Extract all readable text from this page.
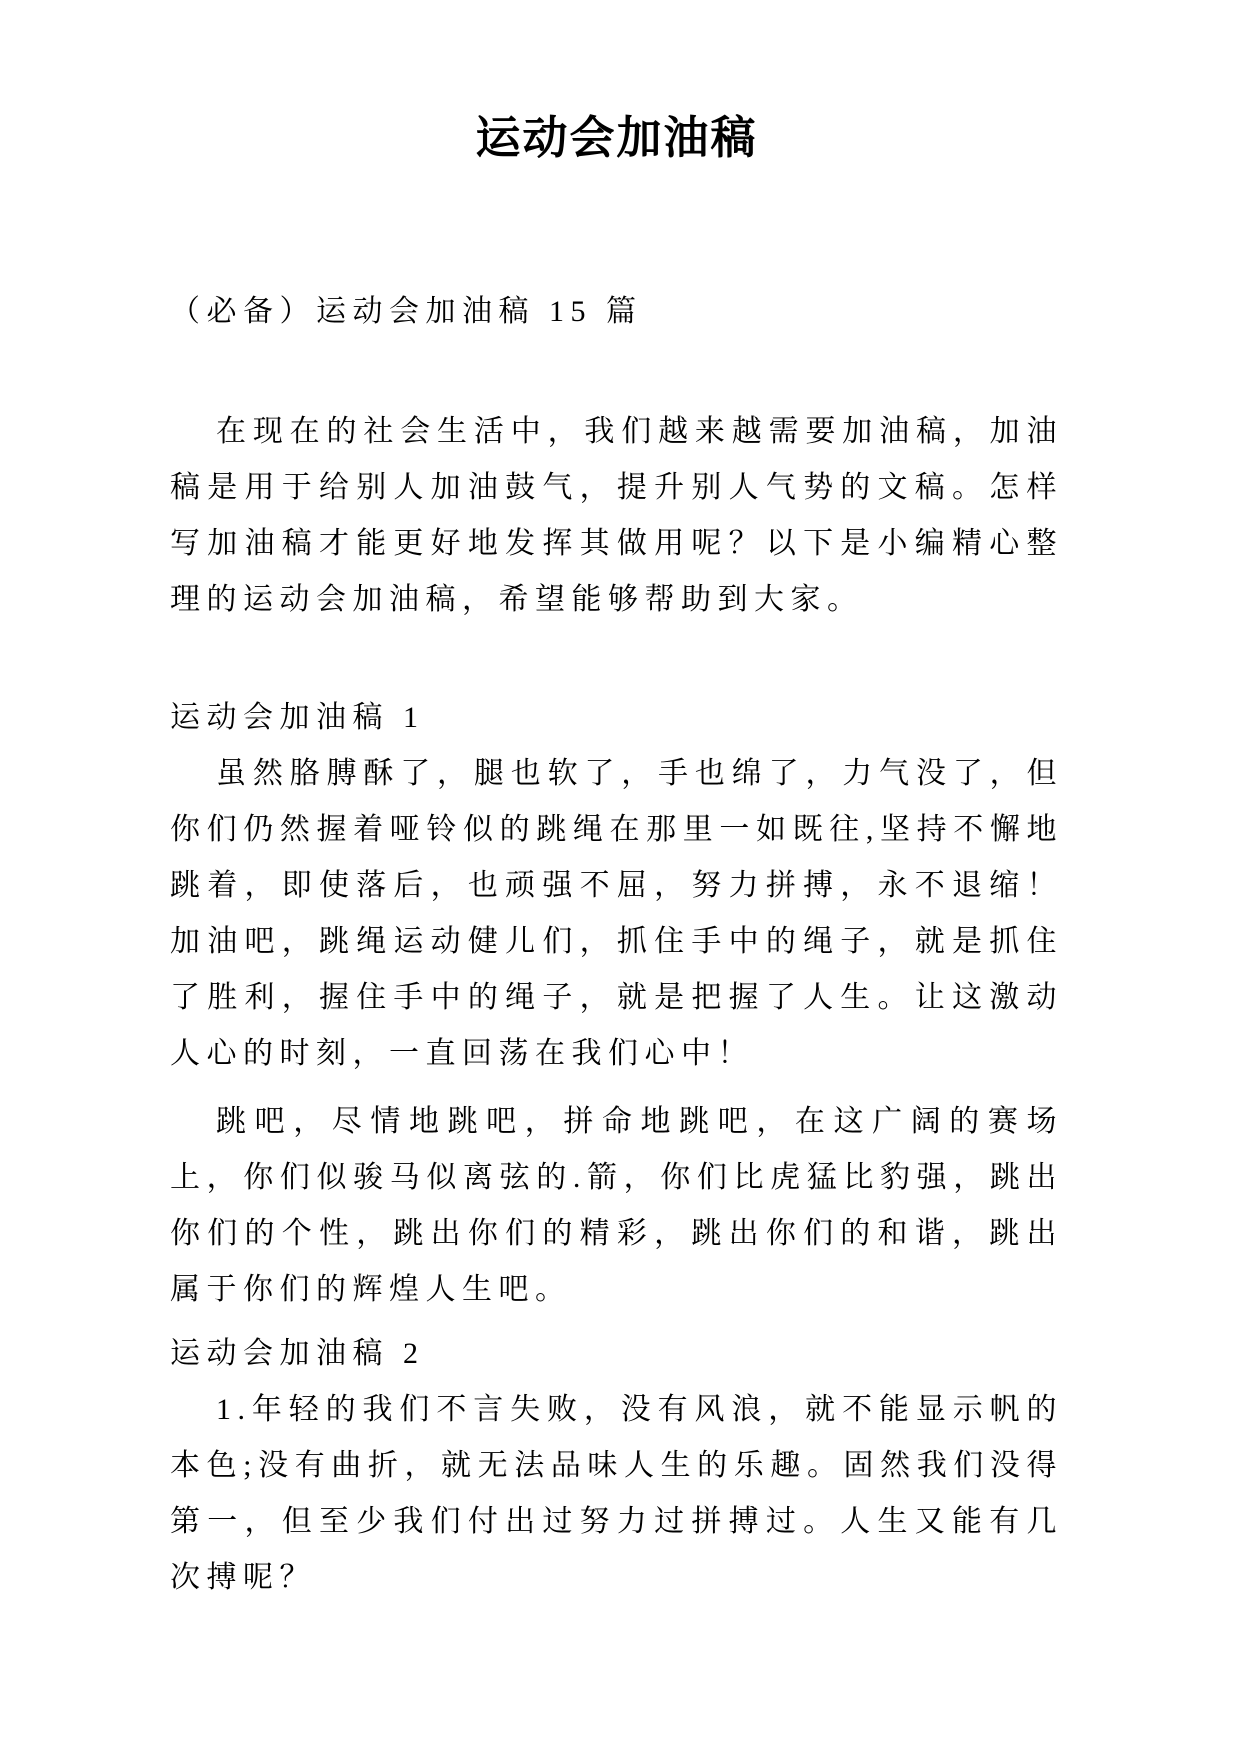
运动会加油稿
（必备）运动会加油稿 15 篇
在现在的社会生活中，我们越来越需要加油稿，加油稿是用于给别人加油鼓气，提升别人气势的文稿。怎样写加油稿才能更好地发挥其做用呢？以下是小编精心整理的运动会加油稿，希望能够帮助到大家。
运动会加油稿 1
虽然胳膊酥了，腿也软了，手也绵了，力气没了，但你们仍然握着哑铃似的跳绳在那里一如既往,坚持不懈地跳着，即使落后，也顽强不屈，努力拼搏，永不退缩！加油吧，跳绳运动健儿们，抓住手中的绳子，就是抓住了胜利，握住手中的绳子，就是把握了人生。让这激动人心的时刻，一直回荡在我们心中！
跳吧，尽情地跳吧，拼命地跳吧，在这广阔的赛场上，你们似骏马似离弦的.箭，你们比虎猛比豹强，跳出你们的个性，跳出你们的精彩，跳出你们的和谐，跳出属于你们的辉煌人生吧。
运动会加油稿 2
1.年轻的我们不言失败，没有风浪，就不能显示帆的本色;没有曲折，就无法品味人生的乐趣。固然我们没得第一，但至少我们付出过努力过拼搏过。人生又能有几次搏呢？
